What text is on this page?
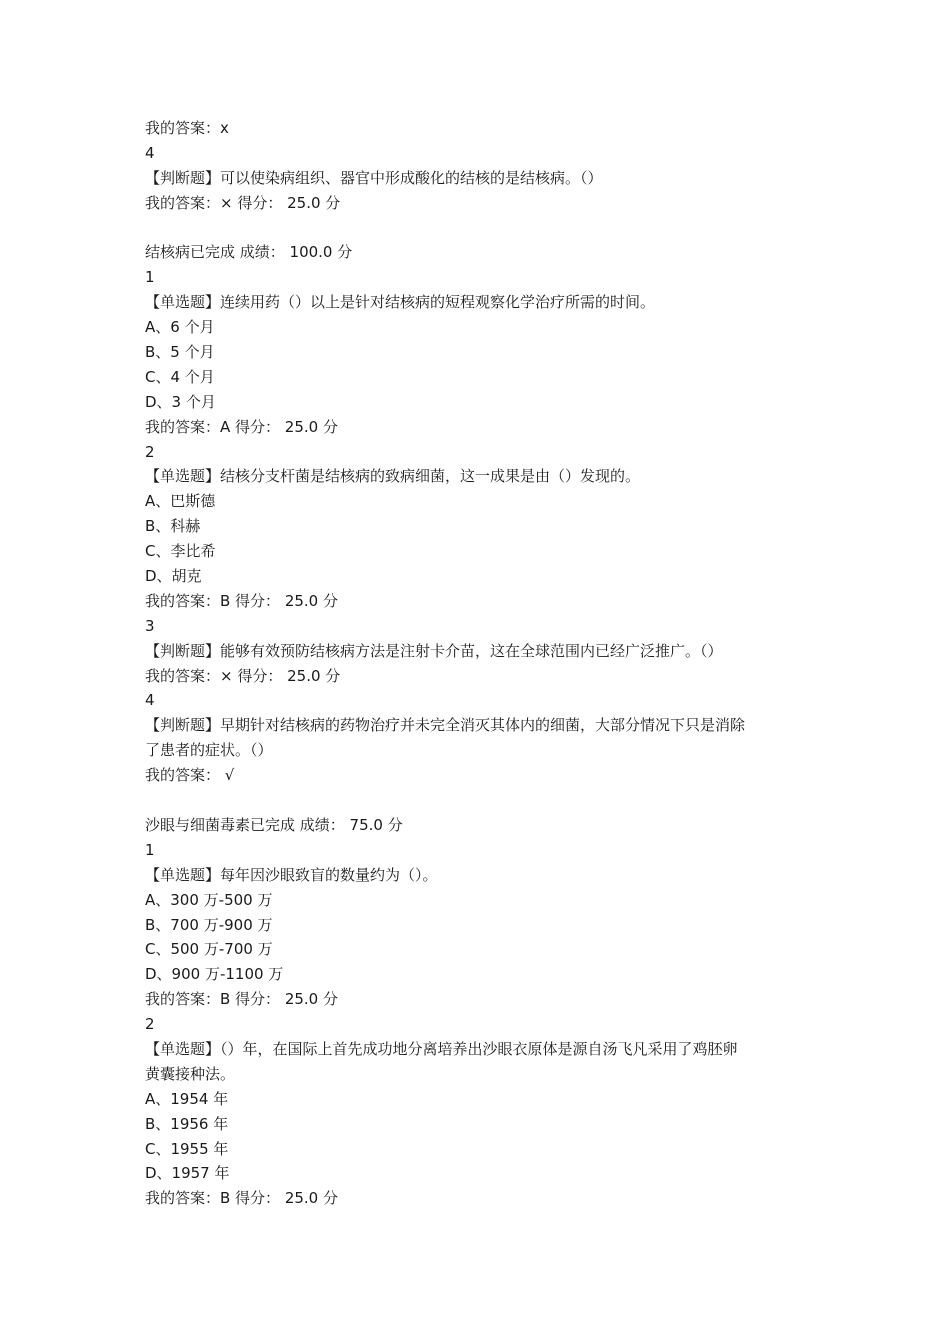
我的答案：x
4
【判断题】可以使染病组织、器官中形成酸化的结核的是结核病。（）
我的答案：× 得分： 25.0 分
结核病已完成 成绩： 100.0 分
1
【单选题】连续用药（）以上是针对结核病的短程观察化学治疗所需的时间。
A、6 个月
B、5 个月
C、4 个月
D、3 个月
我的答案：A 得分： 25.0 分
2
【单选题】结核分支杆菌是结核病的致病细菌，这一成果是由（）发现的。
A、巴斯德
B、科赫
C、李比希
D、胡克
我的答案：B 得分： 25.0 分
3
【判断题】能够有效预防结核病方法是注射卡介苗，这在全球范围内已经广泛推广。（）
我的答案：× 得分： 25.0 分
4
【判断题】早期针对结核病的药物治疗并未完全消灭其体内的细菌，大部分情况下只是消除
了患者的症状。（）
我的答案： √
沙眼与细菌毒素已完成 成绩： 75.0 分
1
【单选题】每年因沙眼致盲的数量约为（）。
A、300 万-500 万
B、700 万-900 万
C、500 万-700 万
D、900 万-1100 万
我的答案：B 得分： 25.0 分
2
【单选题】（）年，在国际上首先成功地分离培养出沙眼衣原体是源自汤飞凡采用了鸡胚卵
黄囊接种法。
A、1954 年
B、1956 年
C、1955 年
D、1957 年
我的答案：B 得分： 25.0 分
